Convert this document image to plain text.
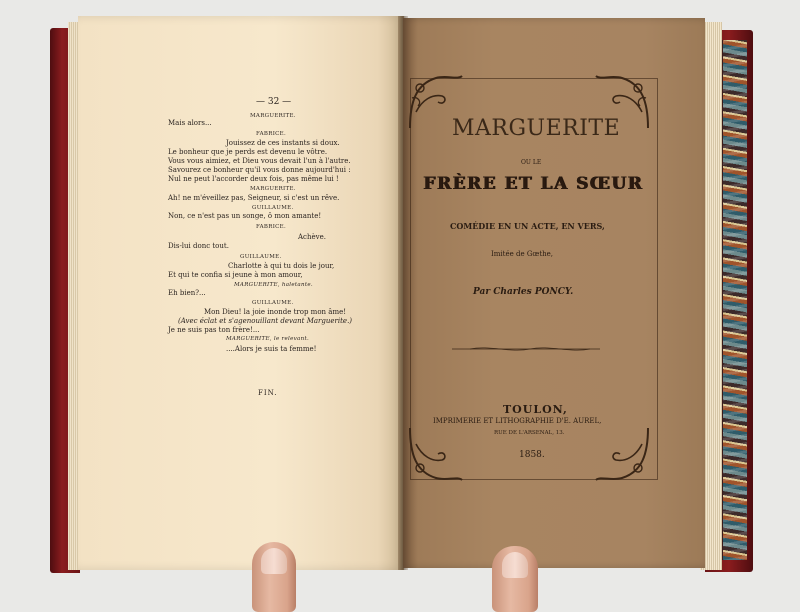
— 32 —
MARGUERITE.
Mais alors...
FABRICE.
Jouissez de ces instants si doux.
Le bonheur que je perds est devenu le vôtre.
Vous vous aimiez, et Dieu vous devait l'un à l'autre.
Savourez ce bonheur qu'il vous donne aujourd'hui :
Nul ne peut l'accorder deux fois, pas même lui !
MARGUERITE.
Ah! ne m'éveillez pas, Seigneur, si c'est un rêve.
GUILLAUME.
Non, ce n'est pas un songe, ô mon amante!
FABRICE.
Achève.
Dis-lui donc tout.
GUILLAUME.
Charlotte à qui tu dois le jour,
Et qui te confia si jeune à mon amour,
MARGUERITE, haletante.
Eh bien?...
GUILLAUME.
Mon Dieu! la joie inonde trop mon âme!
(Avec éclat et s'agenouillant devant Marguerite.)
Je ne suis pas ton frère!...
MARGUERITE, le relevant.
....Alors je suis ta femme!
FIN.
MARGUERITE
OU LE
FRÈRE ET LA SŒUR
COMÉDIE EN UN ACTE, EN VERS,
Imitée de Gœthe,
Par Charles PONCY.
TOULON,
IMPRIMERIE ET LITHOGRAPHIE D'E. AUREL,
RUE DE L'ARSENAL, 13.
1858.
